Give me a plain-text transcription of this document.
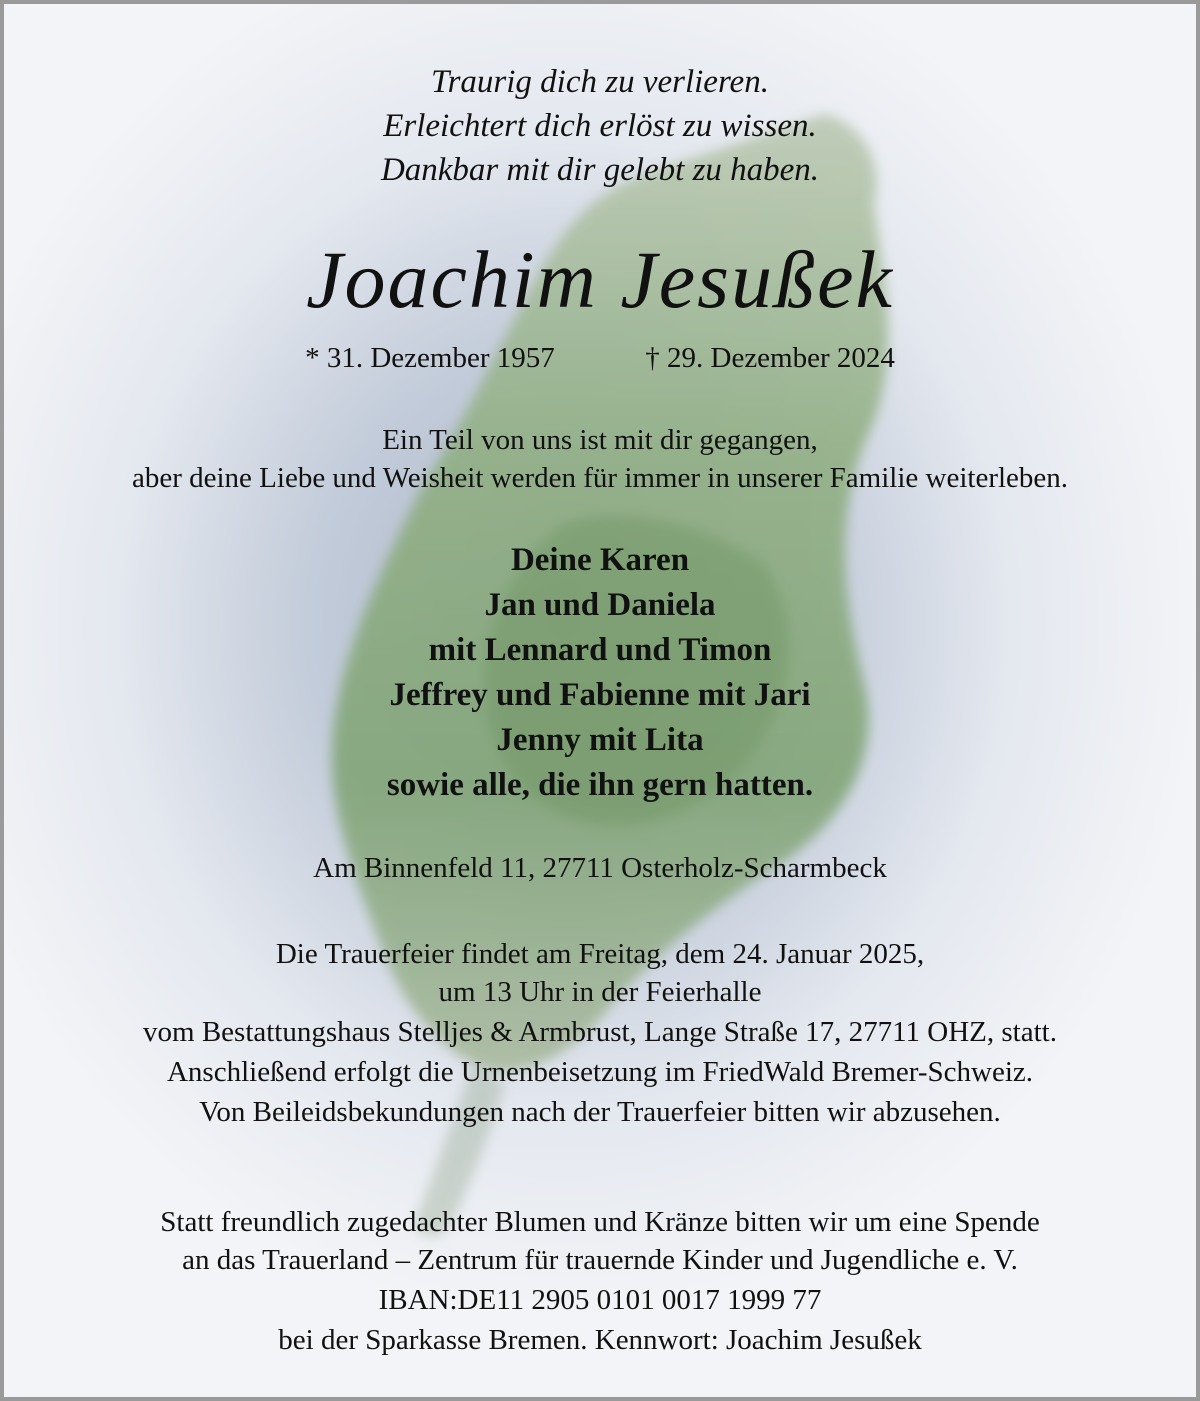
Traurig dich zu verlieren.
Erleichtert dich erlöst zu wissen.
Dankbar mit dir gelebt zu haben.
Joachim Jesußek
* 31. Dezember 1957	† 29. Dezember 2024
Ein Teil von uns ist mit dir gegangen,
aber deine Liebe und Weisheit werden für immer in unserer Familie weiterleben.
Deine Karen
Jan und Daniela
mit Lennard und Timon
Jeffrey und Fabienne mit Jari
Jenny mit Lita
sowie alle, die ihn gern hatten.
Am Binnenfeld 11, 27711 Osterholz-Scharmbeck
Die Trauerfeier findet am Freitag, dem 24. Januar 2025,
um 13 Uhr in der Feierhalle
vom Bestattungshaus Stelljes & Armbrust, Lange Straße 17, 27711 OHZ, statt.
Anschließend erfolgt die Urnenbeisetzung im FriedWald Bremer-Schweiz.
Von Beileidsbekundungen nach der Trauerfeier bitten wir abzusehen.
Statt freundlich zugedachter Blumen und Kränze bitten wir um eine Spende
an das Trauerland – Zentrum für trauernde Kinder und Jugendliche e. V.
IBAN:DE11 2905 0101 0017 1999 77
bei der Sparkasse Bremen. Kennwort: Joachim Jesußek
